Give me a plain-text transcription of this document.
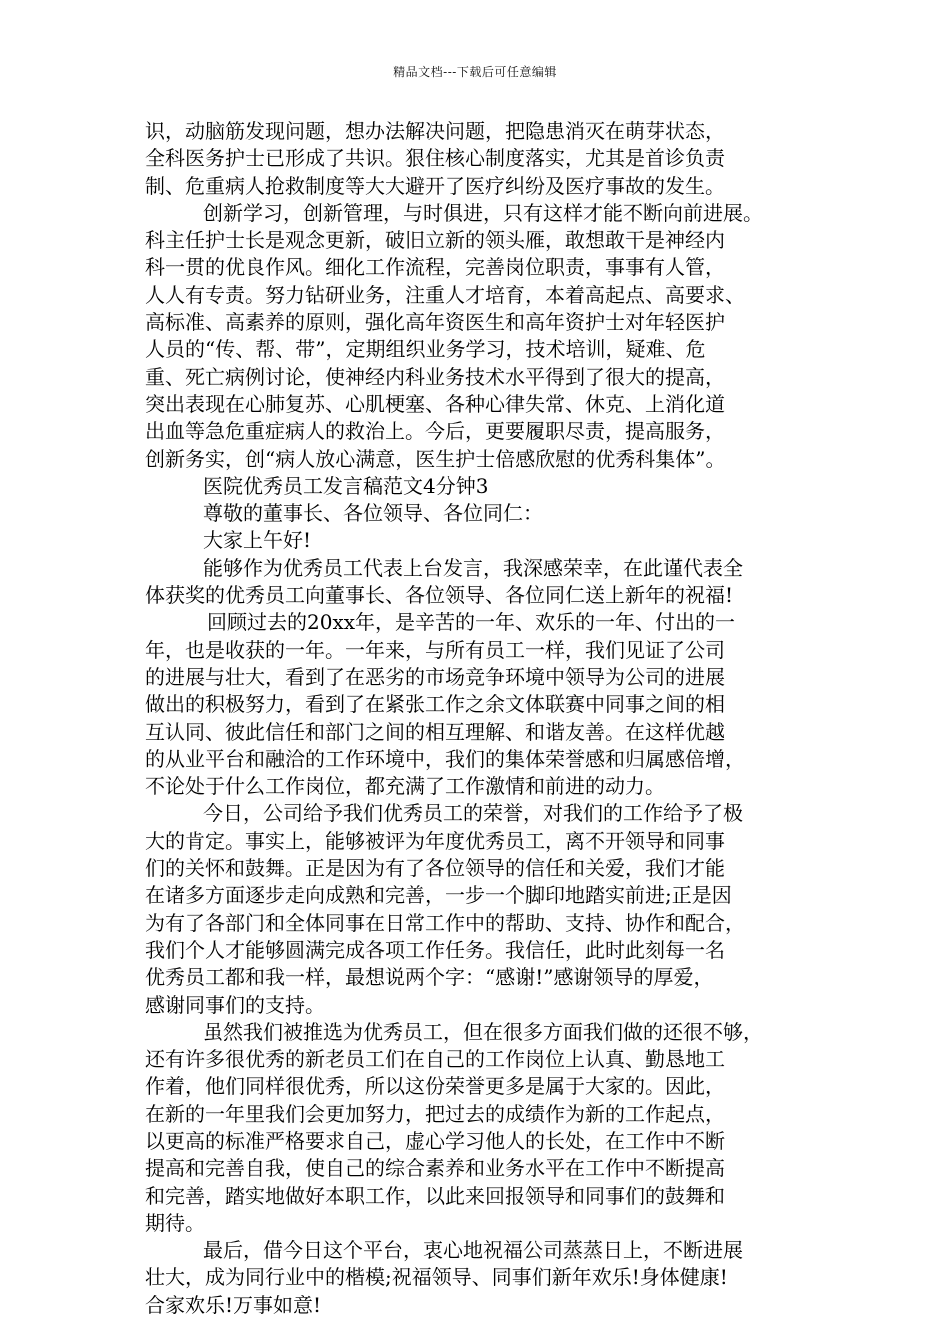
精品文档---下载后可任意编辑
识，动脑筋发现问题，想办法解决问题，把隐患消灭在萌芽状态，
全科医务护士已形成了共识。狠住核心制度落实，尤其是首诊负责
制、危重病人抢救制度等大大避开了医疗纠纷及医疗事故的发生。
创新学习，创新管理，与时俱进，只有这样才能不断向前进展。
科主任护士长是观念更新，破旧立新的领头雁，敢想敢干是神经内
科一贯的优良作风。细化工作流程，完善岗位职责，事事有人管，
人人有专责。努力钻研业务，注重人才培育，本着高起点、高要求、
高标准、高素养的原则，强化高年资医生和高年资护士对年轻医护
人员的“传、帮、带”，定期组织业务学习，技术培训，疑难、危
重、死亡病例讨论，使神经内科业务技术水平得到了很大的提高，
突出表现在心肺复苏、心肌梗塞、各种心律失常、休克、上消化道
出血等急危重症病人的救治上。今后，更要履职尽责，提高服务，
创新务实，创“病人放心满意，医生护士倍感欣慰的优秀科集体”。
医院优秀员工发言稿范文4分钟3
尊敬的董事长、各位领导、各位同仁：
大家上午好!
能够作为优秀员工代表上台发言，我深感荣幸，在此谨代表全
体获奖的优秀员工向董事长、各位领导、各位同仁送上新年的祝福!
回顾过去的20xx年，是辛苦的一年、欢乐的一年、付出的一
年，也是收获的一年。一年来，与所有员工一样，我们见证了公司
的进展与壮大，看到了在恶劣的市场竞争环境中领导为公司的进展
做出的积极努力，看到了在紧张工作之余文体联赛中同事之间的相
互认同、彼此信任和部门之间的相互理解、和谐友善。在这样优越
的从业平台和融洽的工作环境中，我们的集体荣誉感和归属感倍增，
不论处于什么工作岗位，都充满了工作激情和前进的动力。
今日，公司给予我们优秀员工的荣誉，对我们的工作给予了极
大的肯定。事实上，能够被评为年度优秀员工，离不开领导和同事
们的关怀和鼓舞。正是因为有了各位领导的信任和关爱，我们才能
在诸多方面逐步走向成熟和完善，一步一个脚印地踏实前进;正是因
为有了各部门和全体同事在日常工作中的帮助、支持、协作和配合，
我们个人才能够圆满完成各项工作任务。我信任，此时此刻每一名
优秀员工都和我一样，最想说两个字：“感谢!”感谢领导的厚爱，
感谢同事们的支持。
虽然我们被推选为优秀员工，但在很多方面我们做的还很不够，
还有许多很优秀的新老员工们在自己的工作岗位上认真、勤恳地工
作着，他们同样很优秀，所以这份荣誉更多是属于大家的。因此，
在新的一年里我们会更加努力，把过去的成绩作为新的工作起点，
以更高的标准严格要求自己，虚心学习他人的长处，在工作中不断
提高和完善自我，使自己的综合素养和业务水平在工作中不断提高
和完善，踏实地做好本职工作，以此来回报领导和同事们的鼓舞和
期待。
最后，借今日这个平台，衷心地祝福公司蒸蒸日上，不断进展
壮大，成为同行业中的楷模;祝福领导、同事们新年欢乐!身体健康!
合家欢乐!万事如意!
